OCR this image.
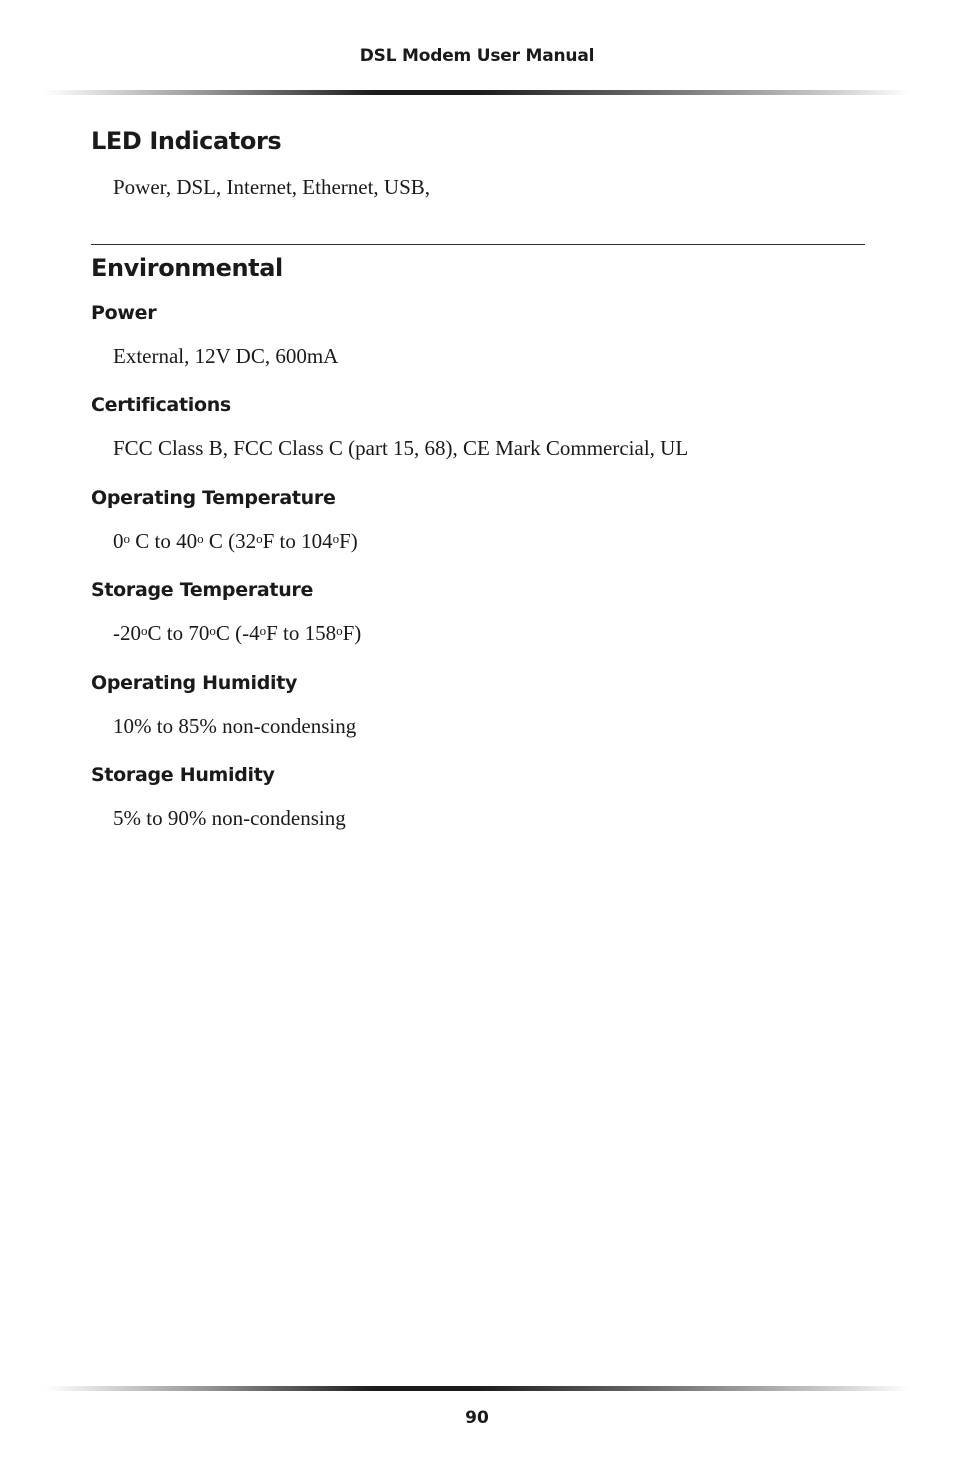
DSL Modem User Manual
LED Indicators

Power, DSL, Internet, Ethernet, USB,

Environmental
Power

External, 12V DC, 600mA

Certifications

FCC Class B, FCC Class C (part 15, 68), CE Mark Commercial, UL

Operating Temperature

0$^o$ C to 40$^o$ C (32$^o$F to 104$^o$F)

Storage Temperature

-20$^o$C to 70$^o$C (-4$^o$F to 158$^o$F)

Operating Humidity

10% to 85% non-condensing

Storage Humidity

5% to 90% non-condensing

90
